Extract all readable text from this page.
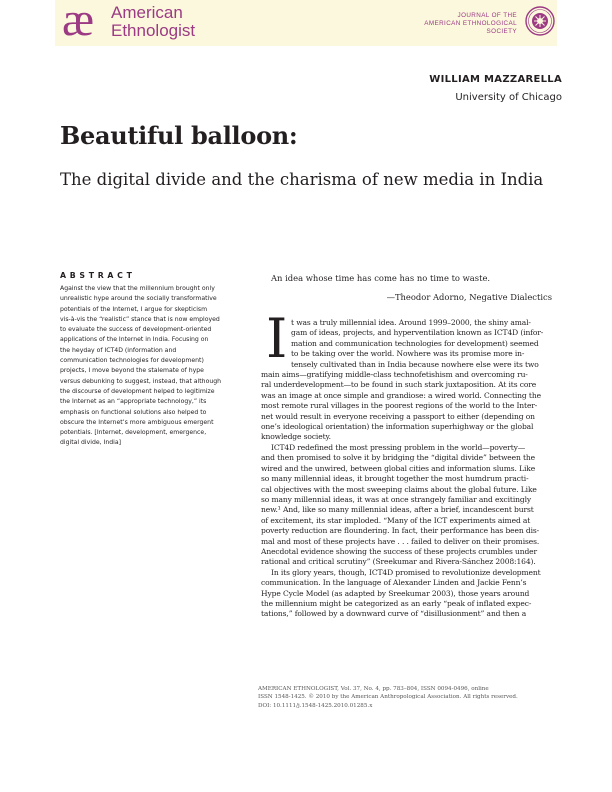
æ American
Ethnologist
JOURNAL OF THE
AMERICAN ETHNOLOGICAL
SOCIETY
WILLIAM MAZZARELLA
University of Chicago
Beautiful balloon:
The digital divide and the charisma of new media in India
ABSTRACT
Against the view that the millennium brought only
unrealistic hype around the socially transformative
potentials of the Internet, I argue for skepticism
vis-à-vis the “realistic” stance that is now employed
to evaluate the success of development-oriented
applications of the Internet in India. Focusing on
the heyday of ICT4D (information and
communication technologies for development)
projects, I move beyond the stalemate of hype
versus debunking to suggest, instead, that although
the discourse of development helped to legitimize
the Internet as an “appropriate technology,” its
emphasis on functional solutions also helped to
obscure the Internet’s more ambiguous emergent
potentials. [Internet, development, emergence,
digital divide, India]
An idea whose time has come has no time to waste.
—Theodor Adorno, Negative Dialectics
I t was a truly millennial idea. Around 1999–2000, the shiny amal-
gam of ideas, projects, and hyperventilation known as ICT4D (infor-
mation and communication technologies for development) seemed
to be taking over the world. Nowhere was its promise more in-
tensely cultivated than in India because nowhere else were its two
main aims—gratifying middle-class technofetishism and overcoming ru-
ral underdevelopment—to be found in such stark juxtaposition. At its core
was an image at once simple and grandiose: a wired world. Connecting the
most remote rural villages in the poorest regions of the world to the Inter-
net would result in everyone receiving a passport to either (depending on
one’s ideological orientation) the information superhighway or the global
knowledge society.
ICT4D redefined the most pressing problem in the world—poverty—
and then promised to solve it by bridging the “digital divide” between the
wired and the unwired, between global cities and information slums. Like
so many millennial ideas, it brought together the most humdrum practi-
cal objectives with the most sweeping claims about the global future. Like
so many millennial ideas, it was at once strangely familiar and excitingly
new.¹ And, like so many millennial ideas, after a brief, incandescent burst
of excitement, its star imploded. “Many of the ICT experiments aimed at
poverty reduction are floundering. In fact, their performance has been dis-
mal and most of these projects have . . . failed to deliver on their promises.
Anecdotal evidence showing the success of these projects crumbles under
rational and critical scrutiny” (Sreekumar and Rivera-Sánchez 2008:164).
In its glory years, though, ICT4D promised to revolutionize development
communication. In the language of Alexander Linden and Jackie Fenn’s
Hype Cycle Model (as adapted by Sreekumar 2003), those years around
the millennium might be categorized as an early “peak of inflated expec-
tations,” followed by a downward curve of “disillusionment” and then a
AMERICAN ETHNOLOGIST, Vol. 37, No. 4, pp. 783–804, ISSN 0094-0496, online
ISSN 1548-1425. © 2010 by the American Anthropological Association. All rights reserved.
DOI: 10.1111/j.1548-1425.2010.01285.x
